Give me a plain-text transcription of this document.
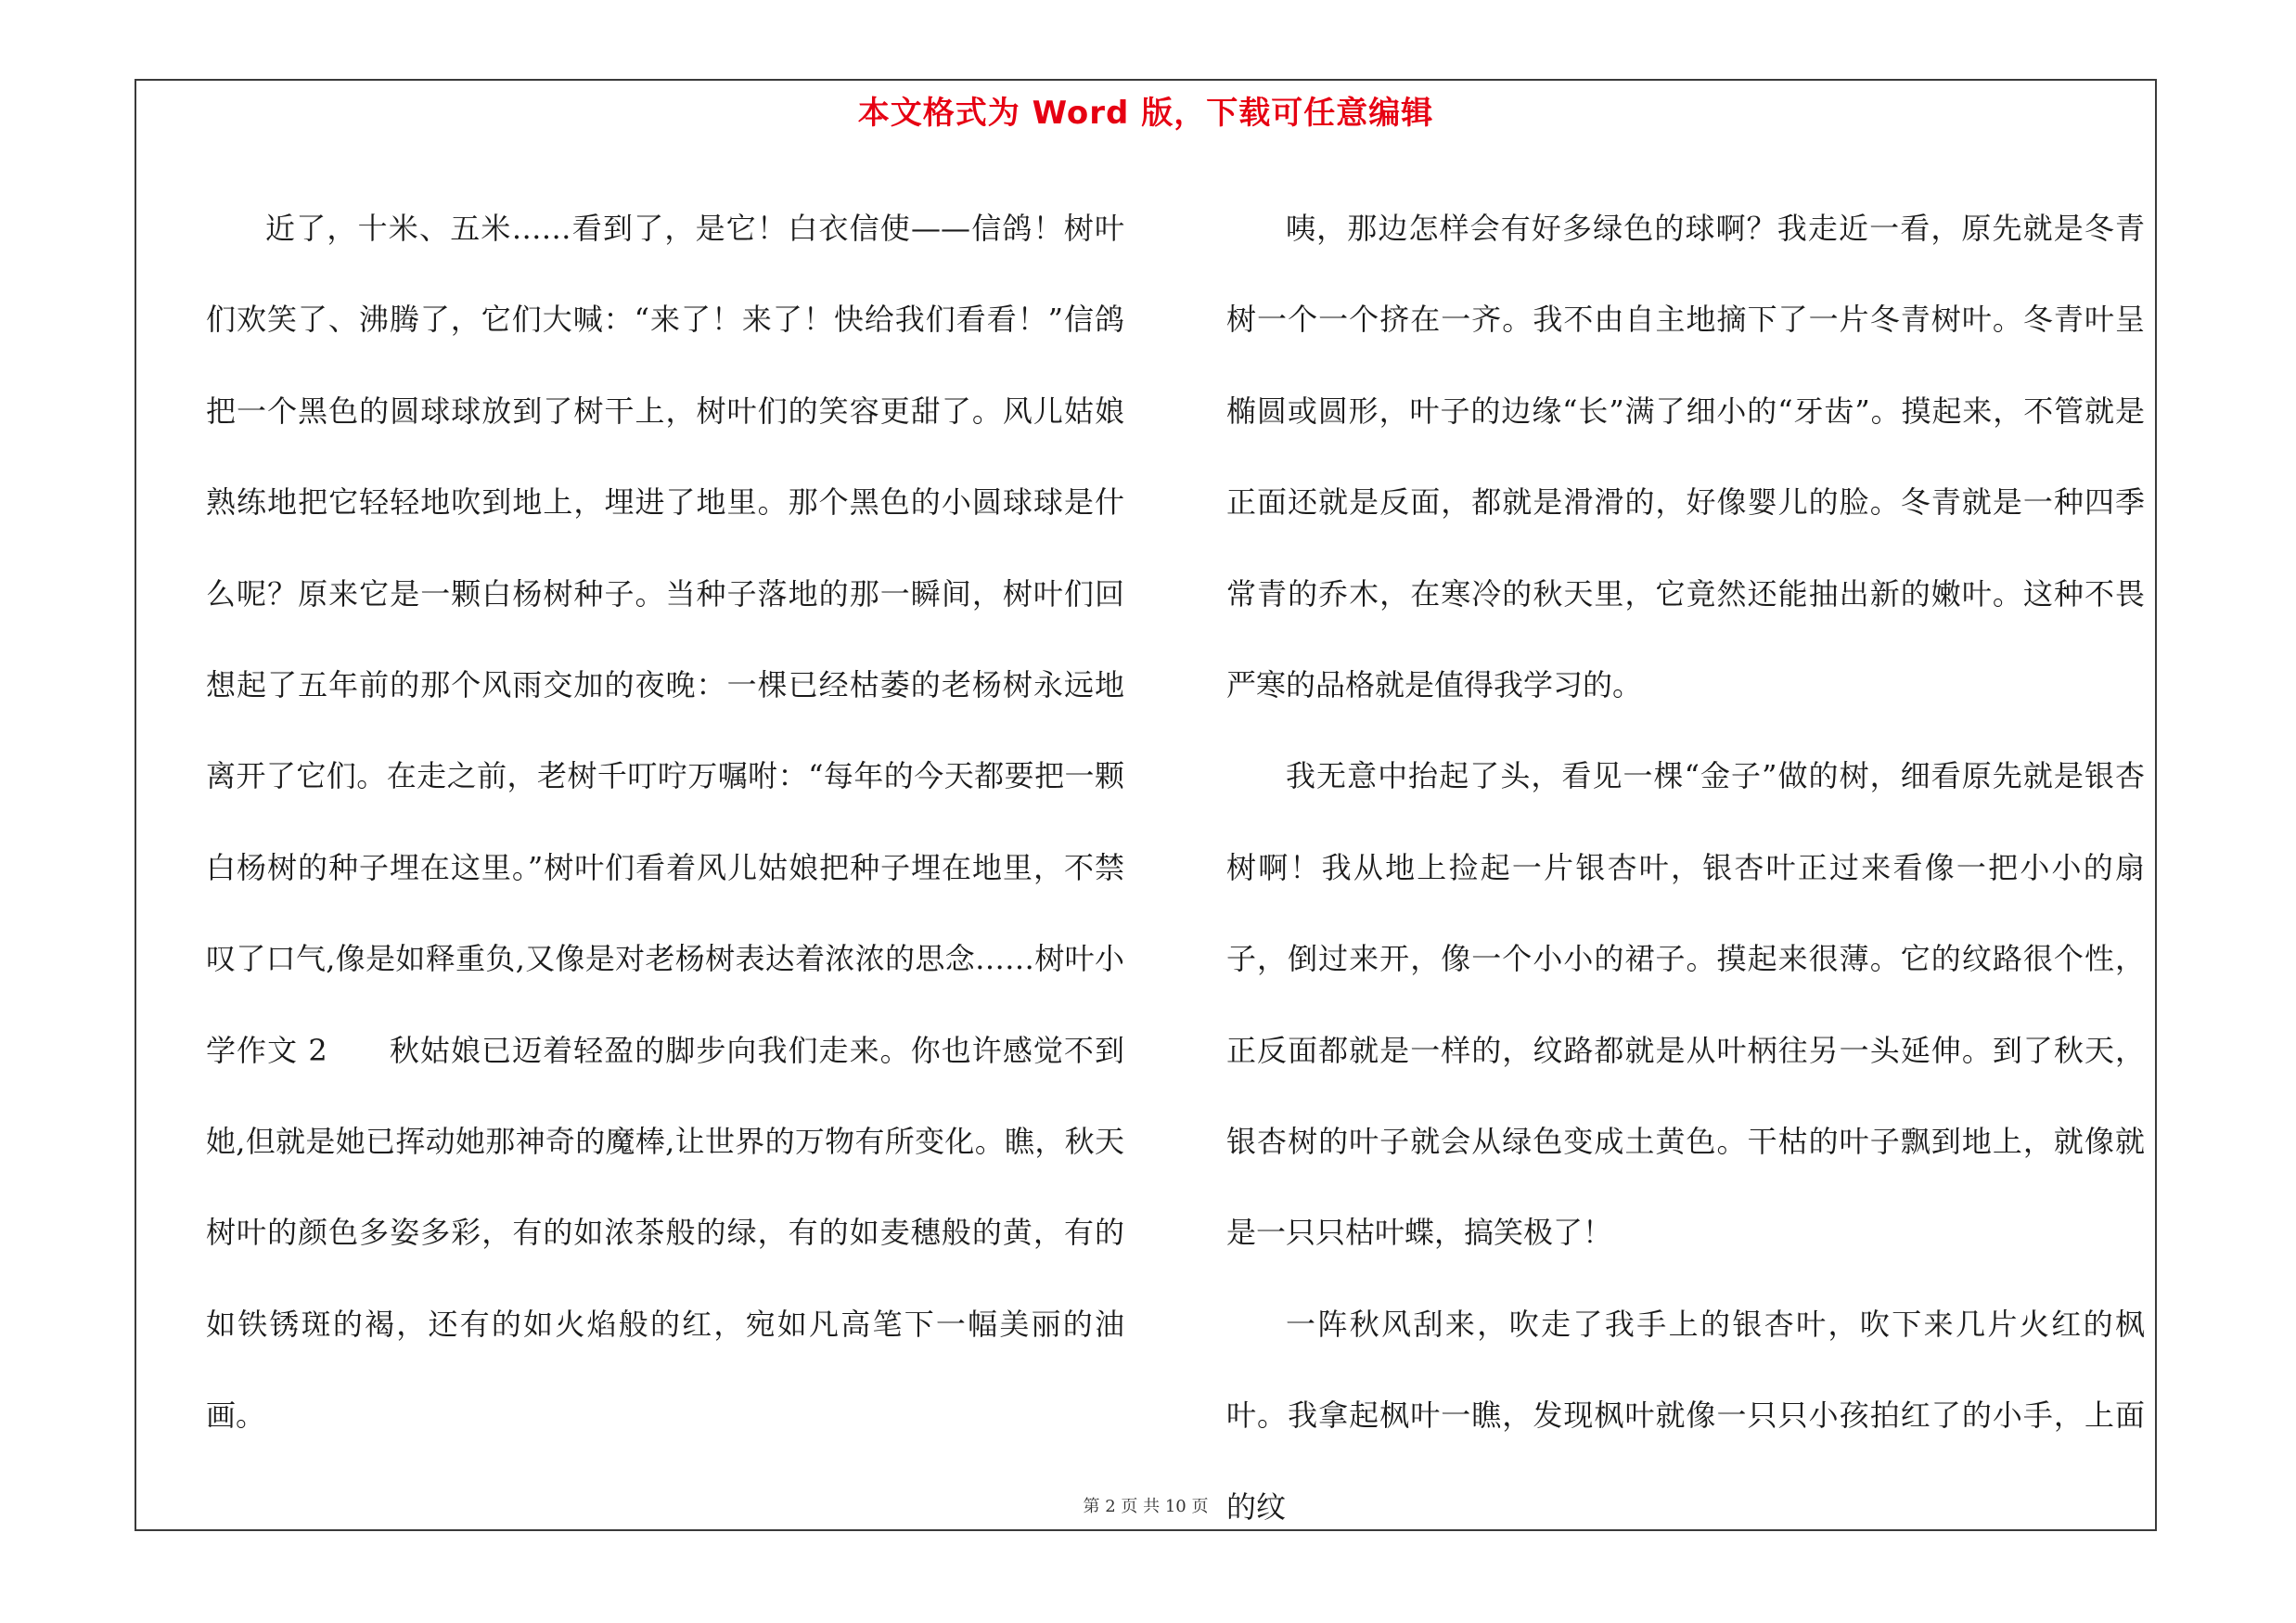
本文格式为 Word 版，下载可任意编辑

近了，十米、五米……看到了，是它！白衣信使——信鸽！树叶们欢笑了、沸腾了，它们大喊：“来了！来了！快给我们看看！”信鸽把一个黑色的圆球球放到了树干上，树叶们的笑容更甜了。风儿姑娘熟练地把它轻轻地吹到地上，埋进了地里。那个黑色的小圆球球是什么呢？原来它是一颗白杨树种子。当种子落地的那一瞬间，树叶们回想起了五年前的那个风雨交加的夜晚：一棵已经枯萎的老杨树永远地离开了它们。在走之前，老树千叮咛万嘱咐：“每年的今天都要把一颗白杨树的种子埋在这里。”树叶们看着风儿姑娘把种子埋在地里，不禁叹了口气,像是如释重负,又像是对老杨树表达着浓浓的思念……树叶小学作文 2　　秋姑娘已迈着轻盈的脚步向我们走来。你也许感觉不到她,但就是她已挥动她那神奇的魔棒,让世界的万物有所变化。瞧，秋天树叶的颜色多姿多彩，有的如浓茶般的绿，有的如麦穗般的黄，有的如铁锈斑的褐，还有的如火焰般的红，宛如凡高笔下一幅美丽的油画。

咦，那边怎样会有好多绿色的球啊？我走近一看，原先就是冬青树一个一个挤在一齐。我不由自主地摘下了一片冬青树叶。冬青叶呈椭圆或圆形，叶子的边缘“长”满了细小的“牙齿”。摸起来，不管就是正面还就是反面，都就是滑滑的，好像婴儿的脸。冬青就是一种四季常青的乔木，在寒冷的秋天里，它竟然还能抽出新的嫩叶。这种不畏严寒的品格就是值得我学习的。

我无意中抬起了头，看见一棵“金子”做的树，细看原先就是银杏树啊！我从地上捡起一片银杏叶，银杏叶正过来看像一把小小的扇子，倒过来开，像一个小小的裙子。摸起来很薄。它的纹路很个性，正反面都就是一样的，纹路都就是从叶柄往另一头延伸。到了秋天，银杏树的叶子就会从绿色变成土黄色。干枯的叶子飘到地上，就像就是一只只枯叶蝶，搞笑极了！

一阵秋风刮来，吹走了我手上的银杏叶，吹下来几片火红的枫叶。我拿起枫叶一瞧，发现枫叶就像一只只小孩拍红了的小手，上面的纹

第 2 页 共 10 页
